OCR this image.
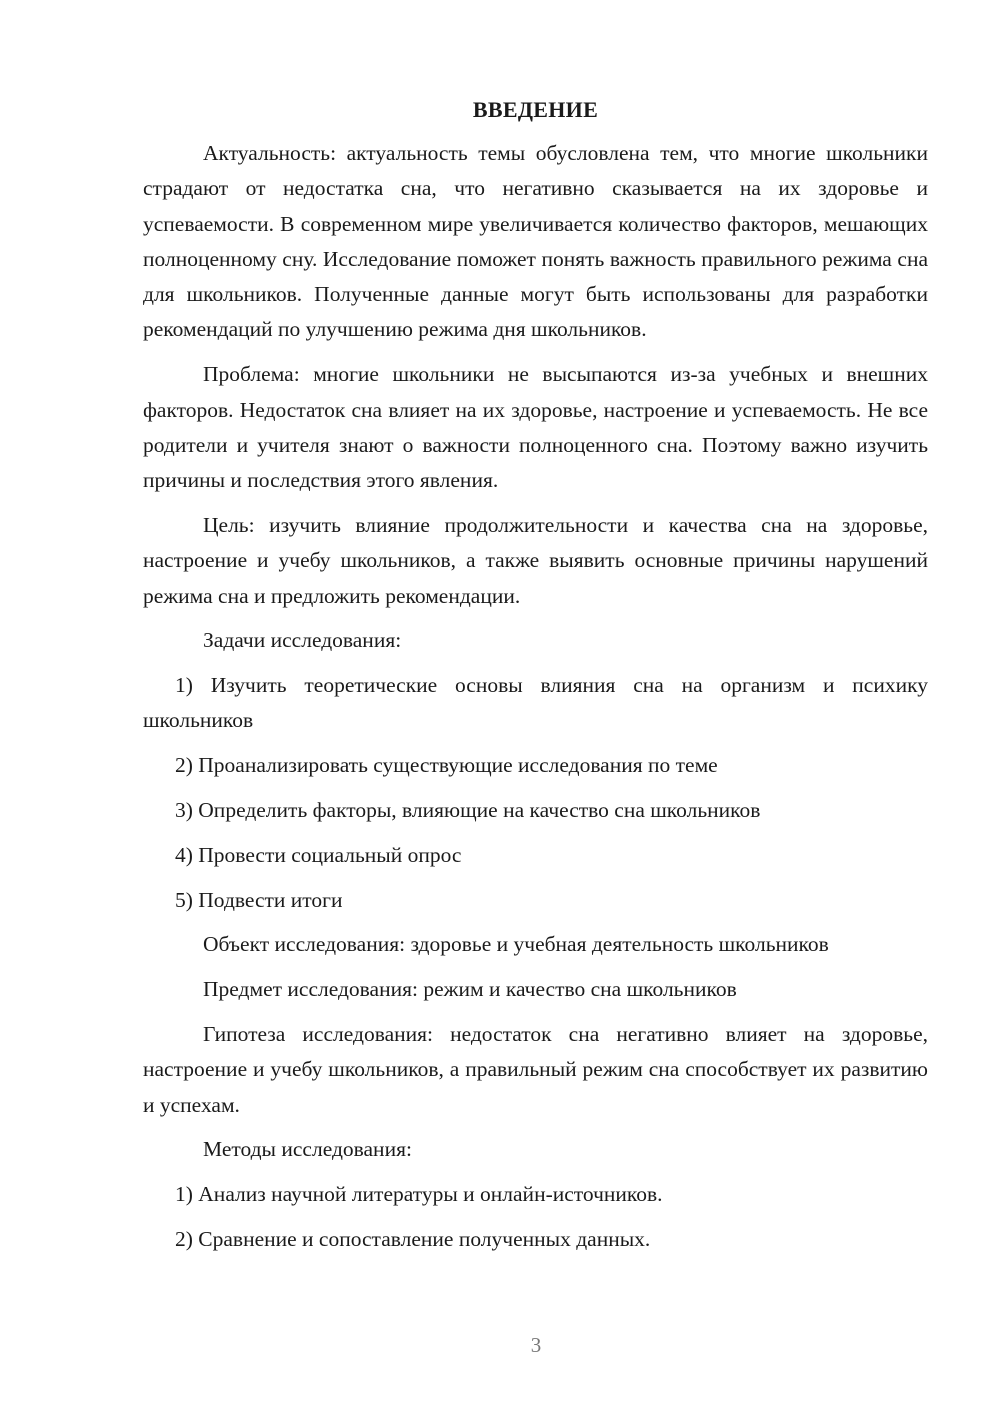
ВВЕДЕНИЕ

Актуальность: актуальность темы обусловлена тем, что многие школьники страдают от недостатка сна, что негативно сказывается на их здоровье и успеваемости. В современном мире увеличивается количество факторов, мешающих полноценному сну. Исследование поможет понять важность правильного режима сна для школьников. Полученные данные могут быть использованы для разработки рекомендаций по улучшению режима дня школьников.

Проблема: многие школьники не высыпаются из-за учебных и внешних факторов. Недостаток сна влияет на их здоровье, настроение и успеваемость. Не все родители и учителя знают о важности полноценного сна. Поэтому важно изучить причины и последствия этого явления.

Цель: изучить влияние продолжительности и качества сна на здоровье, настроение и учебу школьников, а также выявить основные причины нарушений режима сна и предложить рекомендации.

Задачи исследования:

1) Изучить теоретические основы влияния сна на организм и психику школьников

2) Проанализировать существующие исследования по теме

3) Определить факторы, влияющие на качество сна школьников

4) Провести социальный опрос

5) Подвести итоги

Объект исследования: здоровье и учебная деятельность школьников

Предмет исследования: режим и качество сна школьников

Гипотеза исследования: недостаток сна негативно влияет на здоровье, настроение и учебу школьников, а правильный режим сна способствует их развитию и успехам.

Методы исследования:

1) Анализ научной литературы и онлайн-источников.

2) Сравнение и сопоставление полученных данных.

3
